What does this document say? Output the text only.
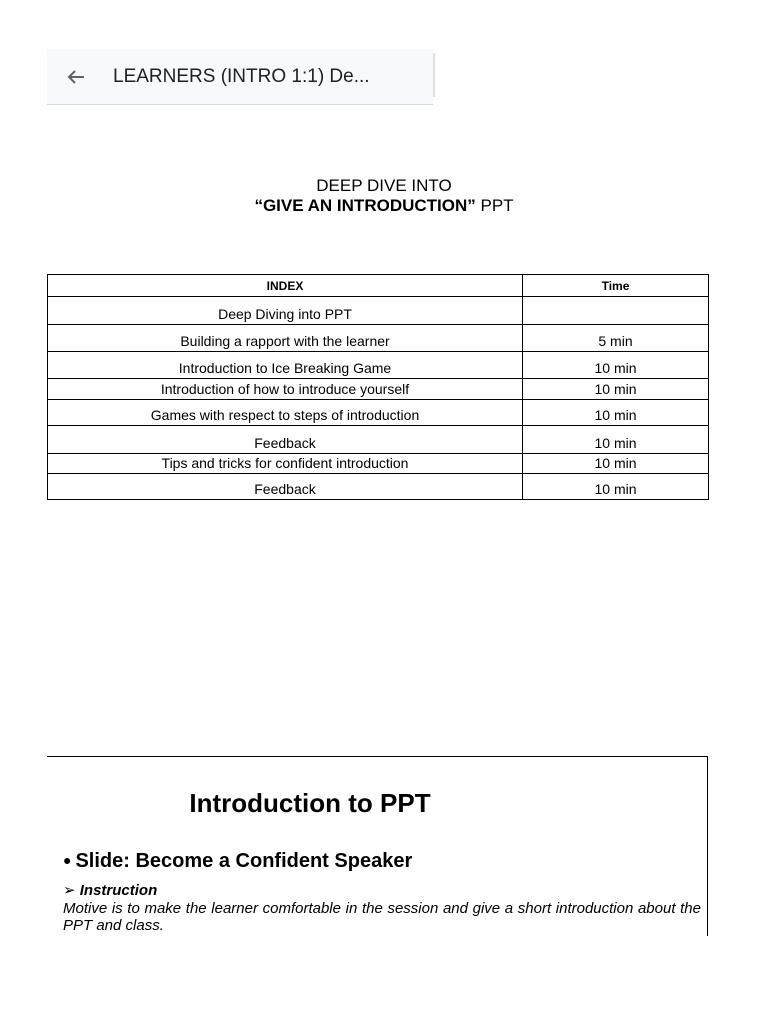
LEARNERS (INTRO 1:1) De...
DEEP DIVE INTO
“GIVE AN INTRODUCTION” PPT
INDEX	Time
Deep Diving into PPT	
Building a rapport with the learner	5 min
Introduction to Ice Breaking Game	10 min
Introduction of how to introduce yourself	10 min
Games with respect to steps of introduction	10 min
Feedback	10 min
Tips and tricks for confident introduction	10 min
Feedback	10 min
Introduction to PPT
● Slide: Become a Confident Speaker
➢ Instruction
Motive is to make the learner comfortable in the session and give a short introduction about the PPT and class.
